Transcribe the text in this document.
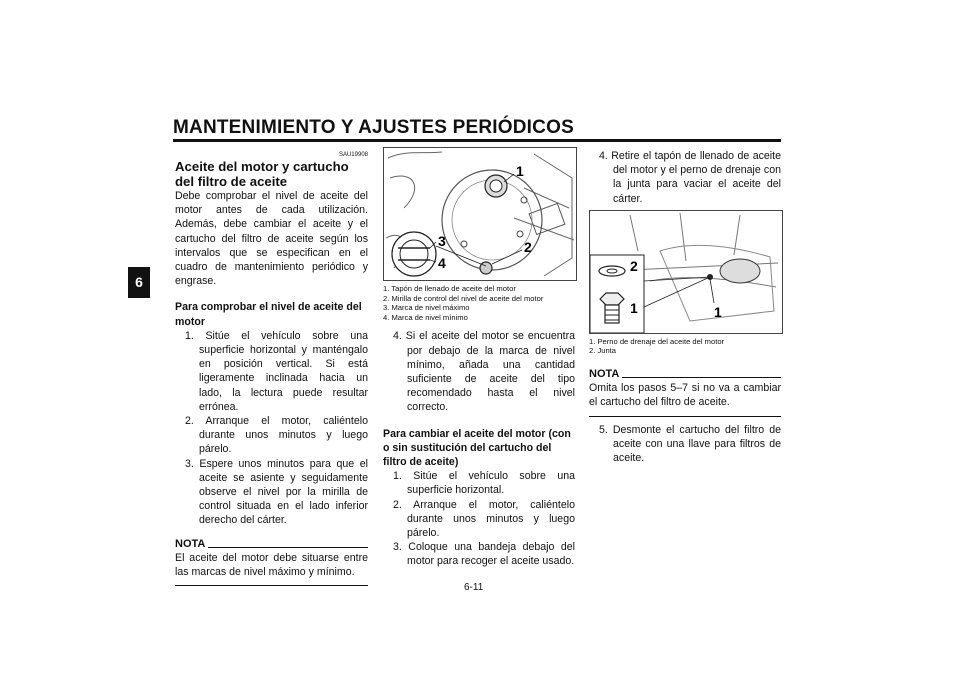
MANTENIMIENTO Y AJUSTES PERIÓDICOS
6
SAU19908
Aceite del motor y cartucho del filtro de aceite
Debe comprobar el nivel de aceite del motor antes de cada utilización. Además, debe cambiar el aceite y el cartucho del filtro de aceite según los intervalos que se especifican en el cuadro de mantenimiento periódico y engrase.
Para comprobar el nivel de aceite del motor
1. Sitúe el vehículo sobre una superficie horizontal y manténgalo en posición vertical. Si está ligeramente inclinada hacia un lado, la lectura puede resultar errónea.
2. Arranque el motor, caliéntelo durante unos minutos y luego párelo.
3. Espere unos minutos para que el aceite se asiente y seguidamente observe el nivel por la mirilla de control situada en el lado inferior derecho del cárter.
NOTA
El aceite del motor debe situarse entre las marcas de nivel máximo y mínimo.
1
2
3
4
1. Tapón de llenado de aceite del motor
2. Mirilla de control del nivel de aceite del motor
3. Marca de nivel máximo
4. Marca de nivel mínimo
4. Si el aceite del motor se encuentra por debajo de la marca de nivel mínimo, añada una cantidad suficiente de aceite del tipo recomendado hasta el nivel correcto.
Para cambiar el aceite del motor (con o sin sustitución del cartucho del filtro de aceite)
1. Sitúe el vehículo sobre una superficie horizontal.
2. Arranque el motor, caliéntelo durante unos minutos y luego párelo.
3. Coloque una bandeja debajo del motor para recoger el aceite usado.
4. Retire el tapón de llenado de aceite del motor y el perno de drenaje con la junta para vaciar el aceite del cárter.
2
1	1
1. Perno de drenaje del aceite del motor
2. Junta
NOTA
Omita los pasos 5–7 si no va a cambiar el cartucho del filtro de aceite.
5. Desmonte el cartucho del filtro de aceite con una llave para filtros de aceite.
6-11
